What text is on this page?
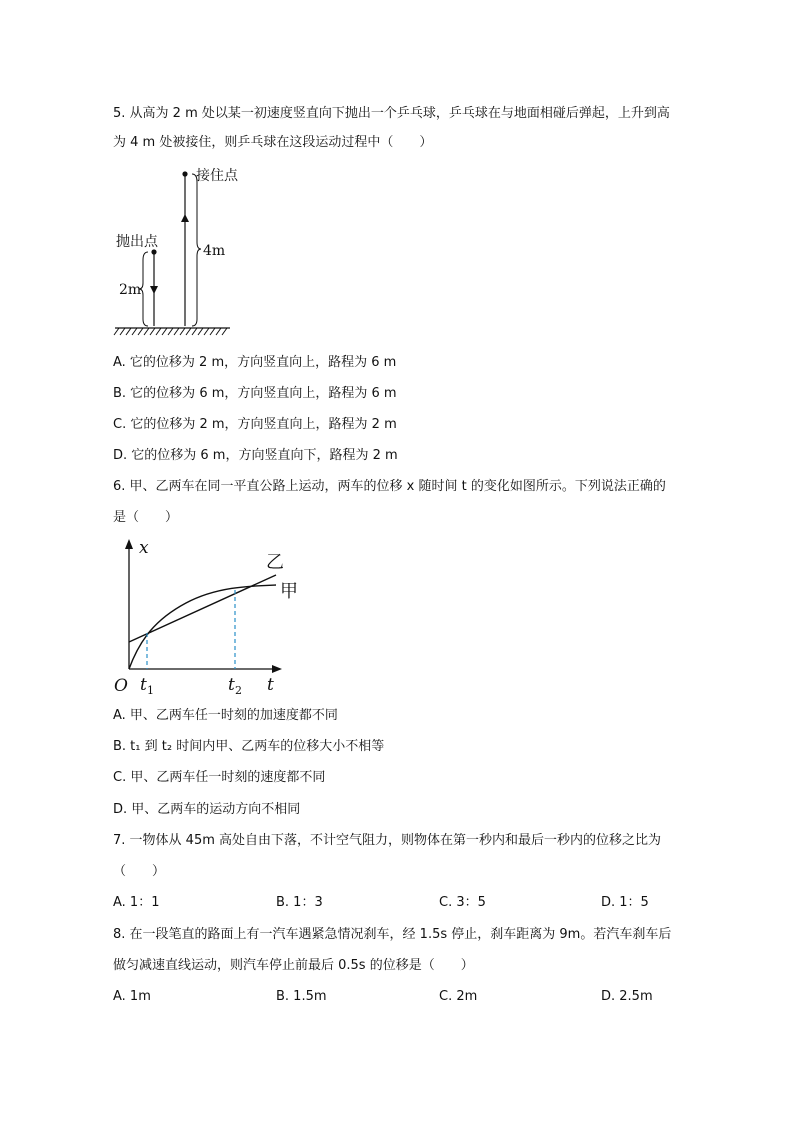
5. 从高为 2 m 处以某一初速度竖直向下抛出一个乒乓球，乒乓球在与地面相碰后弹起，上升到高
为 4 m 处被接住，则乒乓球在这段运动过程中（　　）
接住点
抛出点
2m
4m
A. 它的位移为 2 m，方向竖直向上，路程为 6 m
B. 它的位移为 6 m，方向竖直向上，路程为 6 m
C. 它的位移为 2 m，方向竖直向上，路程为 2 m
D. 它的位移为 6 m，方向竖直向下，路程为 2 m
6. 甲、乙两车在同一平直公路上运动，两车的位移 x 随时间 t 的变化如图所示。下列说法正确的
是（　　）
x
t
O t 1	t 2
乙
甲
A. 甲、乙两车任一时刻的加速度都不同
B. t₁ 到 t₂ 时间内甲、乙两车的位移大小不相等
C. 甲、乙两车任一时刻的速度都不同
D. 甲、乙两车的运动方向不相同
7. 一物体从 45m 高处自由下落，不计空气阻力，则物体在第一秒内和最后一秒内的位移之比为
（　　）
A. 1：1	B. 1：3	C. 3：5	D. 1：5
8. 在一段笔直的路面上有一汽车遇紧急情况刹车，经 1.5s 停止，刹车距离为 9m。若汽车刹车后
做匀减速直线运动，则汽车停止前最后 0.5s 的位移是（　　）
A. 1m	B. 1.5m	C. 2m	D. 2.5m
